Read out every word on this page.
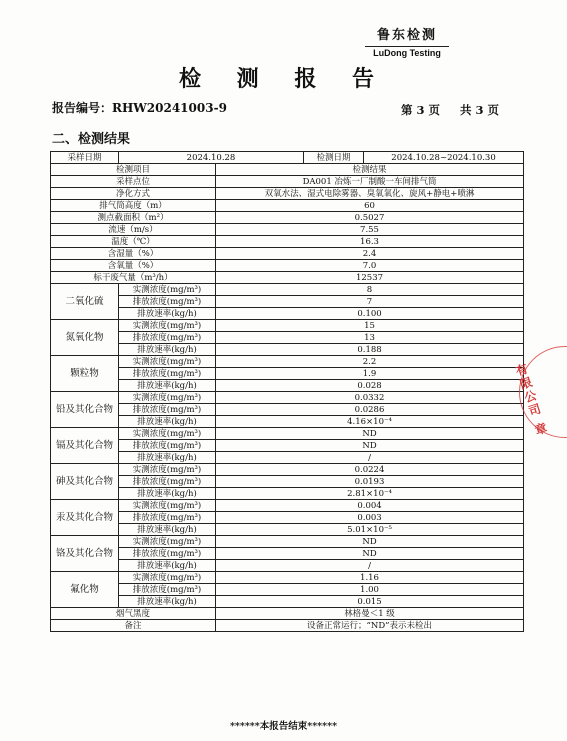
鲁东检测
LuDong Testing
检 测 报 告
报告编号：RHW20241003-9	第 3 页 共 3 页
二、检测结果
采样日期	2024.10.28		检测日期	2024.10.28~2024.10.30
检测项目		检测结果		
采样点位		DA001 冶炼一厂制酸一车间排气筒		
净化方式		双氧水法、湿式电除雾器、臭氧氧化、旋风+静电+喷淋		
排气筒高度（m）		60		
测点截面积（m²）		0.5027		
流速（m/s）		7.55		
温度（℃）		16.3		
含湿量（%）		2.4		
含氧量（%）		7.0		
标干废气量（m³/h）		12537		
二氧化硫	实测浓度(mg/m³)	8		
	排放浓度(mg/m³)	7		
	排放速率(kg/h)	0.100		
氮氧化物	实测浓度(mg/m³)	15		
	排放浓度(mg/m³)	13		
	排放速率(kg/h)	0.188		
颗粒物	实测浓度(mg/m³)	2.2		
	排放浓度(mg/m³)	1.9		
	排放速率(kg/h)	0.028		
铅及其化合物	实测浓度(mg/m³)	0.0332		
	排放浓度(mg/m³)	0.0286		
	排放速率(kg/h)	4.16×10⁻⁴		
镉及其化合物	实测浓度(mg/m³)	ND		
	排放浓度(mg/m³)	ND		
	排放速率(kg/h)	/		
砷及其化合物	实测浓度(mg/m³)	0.0224		
	排放浓度(mg/m³)	0.0193		
	排放速率(kg/h)	2.81×10⁻⁴		
汞及其化合物	实测浓度(mg/m³)	0.004		
	排放浓度(mg/m³)	0.003		
	排放速率(kg/h)	5.01×10⁻⁵		
铬及其化合物	实测浓度(mg/m³)	ND		
	排放浓度(mg/m³)	ND		
	排放速率(kg/h)	/		
氟化物	实测浓度(mg/m³)	1.16		
	排放浓度(mg/m³)	1.00		
	排放速率(kg/h)	0.015		
烟气黑度		林格曼＜1 级		
备注		设备正常运行；“ND”表示未检出		
******本报告结束******
有限公司 章
